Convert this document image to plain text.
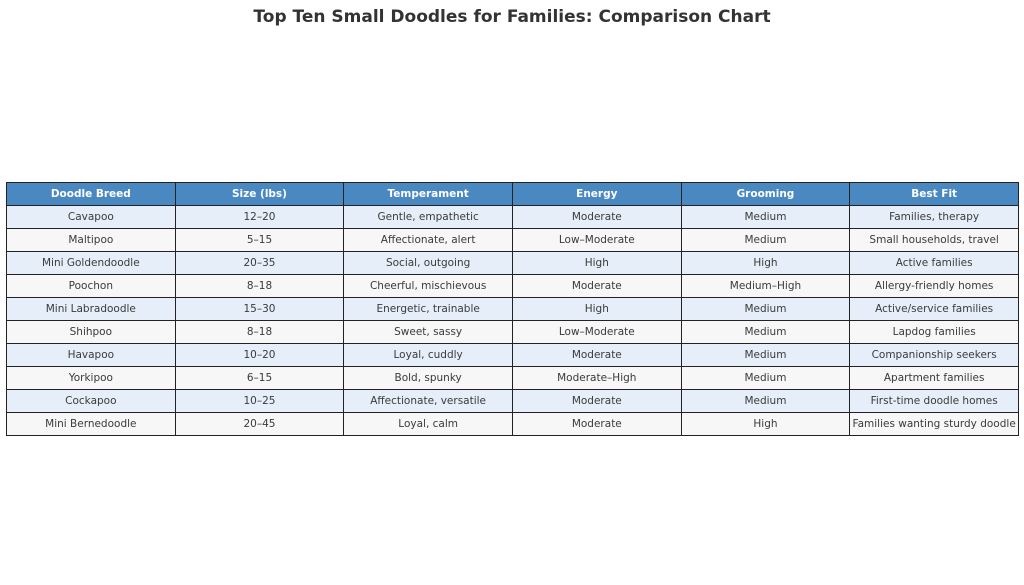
Top Ten Small Doodles for Families: Comparison Chart
Doodle Breed	Size (lbs)	Temperament	Energy	Grooming	Best Fit
Cavapoo	12–20	Gentle, empathetic	Moderate	Medium	Families, therapy
Maltipoo	5–15	Affectionate, alert	Low–Moderate	Medium	Small households, travel
Mini Goldendoodle	20–35	Social, outgoing	High	High	Active families
Poochon	8–18	Cheerful, mischievous	Moderate	Medium–High	Allergy-friendly homes
Mini Labradoodle	15–30	Energetic, trainable	High	Medium	Active/service families
Shihpoo	8–18	Sweet, sassy	Low–Moderate	Medium	Lapdog families
Havapoo	10–20	Loyal, cuddly	Moderate	Medium	Companionship seekers
Yorkipoo	6–15	Bold, spunky	Moderate–High	Medium	Apartment families
Cockapoo	10–25	Affectionate, versatile	Moderate	Medium	First-time doodle homes
Mini Bernedoodle	20–45	Loyal, calm	Moderate	High	Families wanting sturdy doodle
